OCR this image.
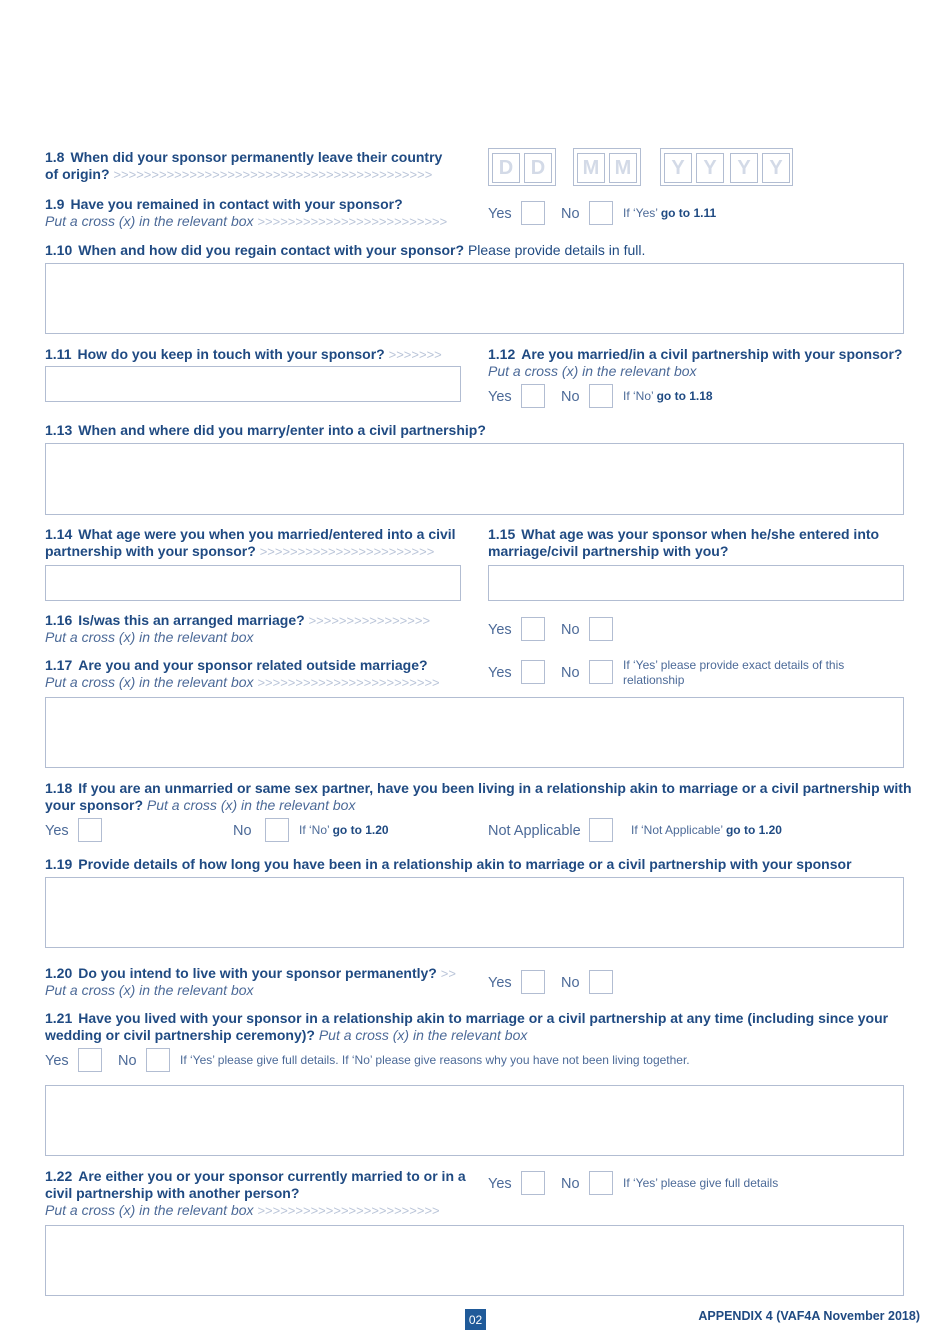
1.8 When did your sponsor permanently leave their country
of origin? >>>>>>>>>>>>>>>>>>>>>>>>>>>>>>>>>>>>>>>>>>	D D	M M	Y Y	Y Y
1.9 Have you remained in contact with your sponsor?
Put a cross (x) in the relevant box >>>>>>>>>>>>>>>>>>>>>>>>>	Yes	No	If ‘Yes’ go to 1.11
1.10 When and how did you regain contact with your sponsor? Please provide details in full.
1.11 How do you keep in touch with your sponsor? >>>>>>>	1.12 Are you married/in a civil partnership with your sponsor?
Put a cross (x) in the relevant box
Yes	No	If ‘No’ go to 1.18
1.13 When and where did you marry/enter into a civil partnership?
1.14 What age were you when you married/entered into a civil
partnership with your sponsor? >>>>>>>>>>>>>>>>>>>>>>>
1.15 What age was your sponsor when he/she entered into
marriage/civil partnership with you?
1.16 Is/was this an arranged marriage? >>>>>>>>>>>>>>>>
Put a cross (x) in the relevant box	Yes	No
1.17 Are you and your sponsor related outside marriage?
Put a cross (x) in the relevant box >>>>>>>>>>>>>>>>>>>>>>>>
Yes	No	If ‘Yes’ please provide exact details of this
relationship
1.18 If you are an unmarried or same sex partner, have you been living in a relationship akin to marriage or a civil partnership with
your sponsor? Put a cross (x) in the relevant box
Yes	No	If ‘No’ go to 1.20	Not Applicable	If ‘Not Applicable’ go to 1.20
1.19 Provide details of how long you have been in a relationship akin to marriage or a civil partnership with your sponsor
1.20 Do you intend to live with your sponsor permanently? >>
Put a cross (x) in the relevant box	Yes	No
1.21 Have you lived with your sponsor in a relationship akin to marriage or a civil partnership at any time (including since your
wedding or civil partnership ceremony)? Put a cross (x) in the relevant box
Yes	No	If ‘Yes’ please give full details. If ‘No’ please give reasons why you have not been living together.
1.22 Are either you or your sponsor currently married to or in a
civil partnership with another person?
Put a cross (x) in the relevant box >>>>>>>>>>>>>>>>>>>>>>>>
Yes	No	If ‘Yes’ please give full details
02	APPENDIX 4 (VAF4A November 2018)
